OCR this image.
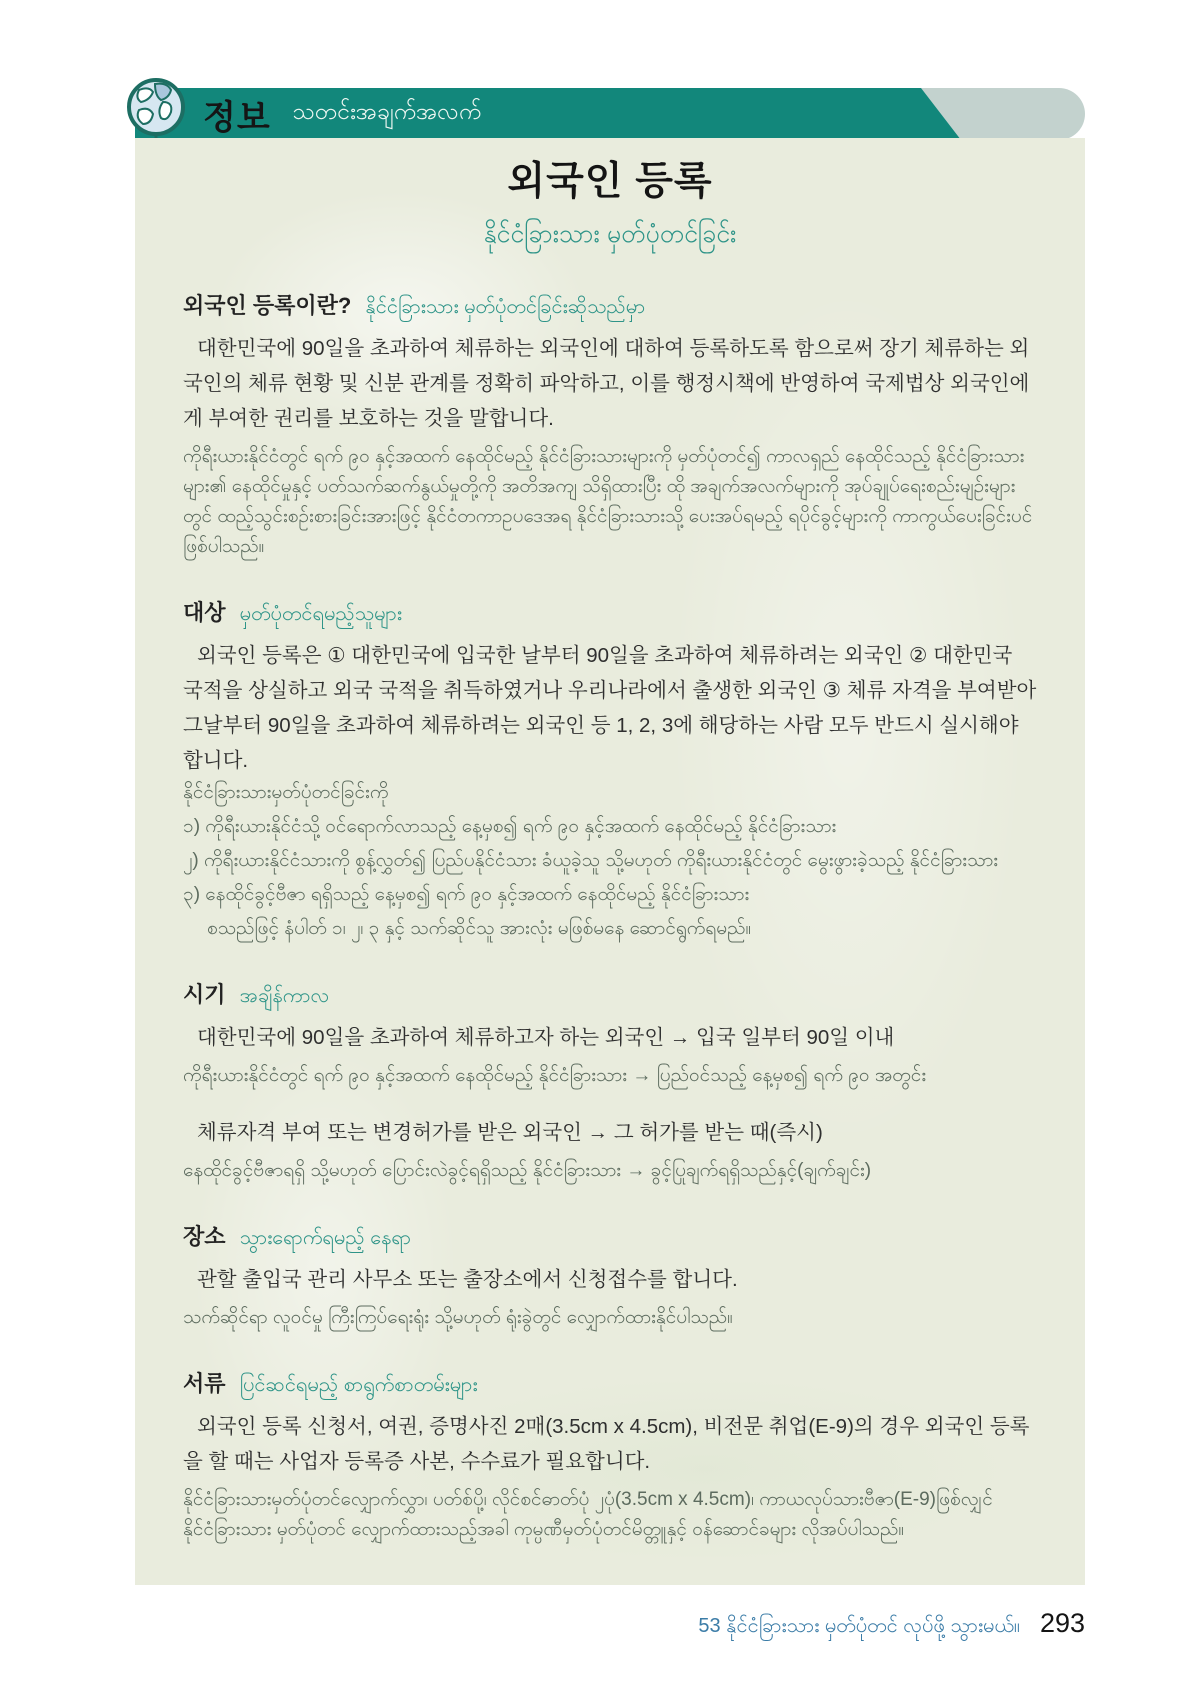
정보 သတင်းအချက်အလက်
외국인 등록
နိုင်ငံခြားသား မှတ်ပုံတင်ခြင်း
외국인 등록이란? နိုင်ငံခြားသား မှတ်ပုံတင်ခြင်းဆိုသည်မှာ
대한민국에 90일을 초과하여 체류하는 외국인에 대하여 등록하도록 함으로써 장기 체류하는 외국인의 체류 현황 및 신분 관계를 정확히 파악하고, 이를 행정시책에 반영하여 국제법상 외국인에게 부여한 권리를 보호하는 것을 말합니다.
ကိုရီးယားနိုင်ငံတွင် ရက် ၉၀ နှင့်အထက် နေထိုင်မည့် နိုင်ငံခြားသားများကို မှတ်ပုံတင်၍ ကာလရှည် နေထိုင်သည့် နိုင်ငံခြားသားများ၏ နေထိုင်မှုနှင့် ပတ်သက်ဆက်နွယ်မှုတို့ကို အတိအကျ သိရှိထားပြီး ထို အချက်အလက်များကို အုပ်ချုပ်ရေးစည်းမျဉ်းများတွင် ထည့်သွင်းစဉ်းစားခြင်းအားဖြင့် နိုင်ငံတကာဥပဒေအရ နိုင်ငံခြားသားသို့ ပေးအပ်ရမည့် ရပိုင်ခွင့်များကို ကာကွယ်ပေးခြင်းပင်ဖြစ်ပါသည်။
대상 မှတ်ပုံတင်ရမည့်သူများ
외국인 등록은 ① 대한민국에 입국한 날부터 90일을 초과하여 체류하려는 외국인 ② 대한민국 국적을 상실하고 외국 국적을 취득하였거나 우리나라에서 출생한 외국인 ③ 체류 자격을 부여받아 그날부터 90일을 초과하여 체류하려는 외국인 등 1, 2, 3에 해당하는 사람 모두 반드시 실시해야 합니다.
နိုင်ငံခြားသားမှတ်ပုံတင်ခြင်းကို
၁) ကိုရီးယားနိုင်ငံသို့ ဝင်ရောက်လာသည့် နေ့မှစ၍ ရက် ၉၀ နှင့်အထက် နေထိုင်မည့် နိုင်ငံခြားသား
၂) ကိုရီးယားနိုင်ငံသားကို စွန့်လွှတ်၍ ပြည်ပနိုင်ငံသား ခံယူခဲ့သူ သို့မဟုတ် ကိုရီးယားနိုင်ငံတွင် မွေးဖွားခဲ့သည့် နိုင်ငံခြားသား
၃) နေထိုင်ခွင့်ဗီဇာ ရရှိသည့် နေ့မှစ၍ ရက် ၉၀ နှင့်အထက် နေထိုင်မည့် နိုင်ငံခြားသား
စသည်ဖြင့် နံပါတ် ၁၊ ၂၊ ၃ နှင့် သက်ဆိုင်သူ အားလုံး မဖြစ်မနေ ဆောင်ရွက်ရမည်။
시기 အချိန်ကာလ
대한민국에 90일을 초과하여 체류하고자 하는 외국인 → 입국 일부터 90일 이내
ကိုရီးယားနိုင်ငံတွင် ရက် ၉၀ နှင့်အထက် နေထိုင်မည့် နိုင်ငံခြားသား → ပြည်ဝင်သည့် နေ့မှစ၍ ရက် ၉၀ အတွင်း
체류자격 부여 또는 변경허가를 받은 외국인 → 그 허가를 받는 때(즉시)
နေထိုင်ခွင့်ဗီဇာရရှိ သို့မဟုတ် ပြောင်းလဲခွင့်ရရှိသည့် နိုင်ငံခြားသား → ခွင့်ပြုချက်ရရှိသည်နှင့်(ချက်ချင်း)
장소 သွားရောက်ရမည့် နေရာ
관할 출입국 관리 사무소 또는 출장소에서 신청접수를 합니다.
သက်ဆိုင်ရာ လူဝင်မှု ကြီးကြပ်ရေးရုံး သို့မဟုတ် ရုံးခွဲတွင် လျှောက်ထားနိုင်ပါသည်။
서류 ပြင်ဆင်ရမည့် စာရွက်စာတမ်းများ
외국인 등록 신청서, 여권, 증명사진 2매(3.5cm x 4.5cm), 비전문 취업(E-9)의 경우 외국인 등록을 할 때는 사업자 등록증 사본, 수수료가 필요합니다.
နိုင်ငံခြားသားမှတ်ပုံတင်လျှောက်လွှာ၊ ပတ်စ်ပို့၊ လိုင်စင်ဓာတ်ပုံ ၂ပုံ(3.5cm x 4.5cm)၊ ကာယလုပ်သားဗီဇာ(E-9)ဖြစ်လျှင် နိုင်ငံခြားသား မှတ်ပုံတင် လျှောက်ထားသည့်အခါ ကုမ္ပဏီမှတ်ပုံတင်မိတ္တူနှင့် ဝန်ဆောင်ခများ လိုအပ်ပါသည်။
53 နိုင်ငံခြားသား မှတ်ပုံတင် လုပ်ဖို့ သွားမယ်။ 293
